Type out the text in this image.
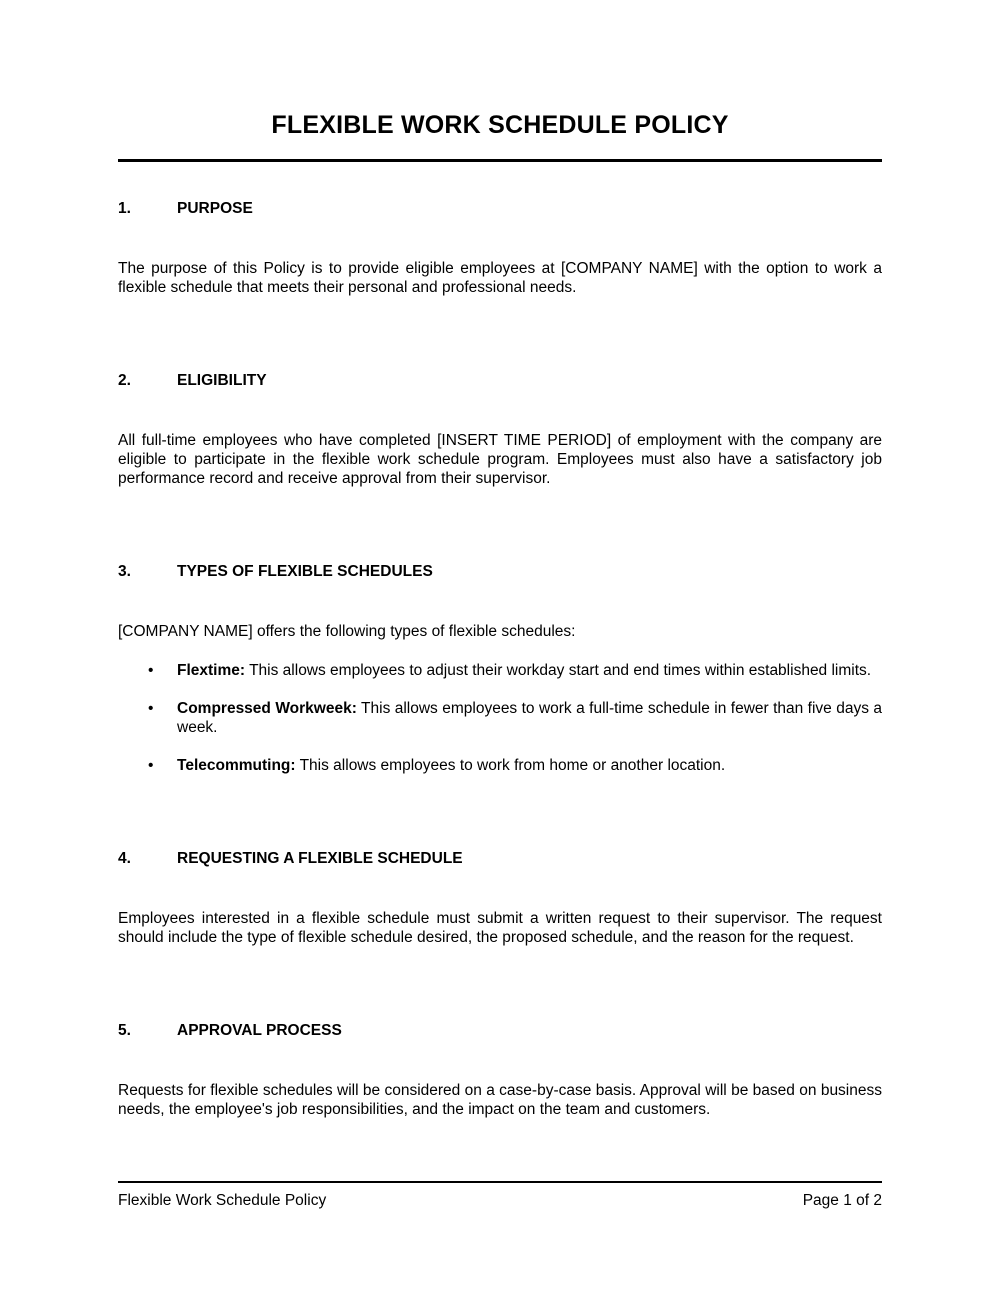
FLEXIBLE WORK SCHEDULE POLICY
1.	PURPOSE

The purpose of this Policy is to provide eligible employees at [COMPANY NAME] with the option to work a flexible schedule that meets their personal and professional needs.

2.	ELIGIBILITY

All full-time employees who have completed [INSERT TIME PERIOD] of employment with the company are eligible to participate in the flexible work schedule program. Employees must also have a satisfactory job performance record and receive approval from their supervisor.

3.	TYPES OF FLEXIBLE SCHEDULES

[COMPANY NAME] offers the following types of flexible schedules:

• Flextime: This allows employees to adjust their workday start and end times within established limits.
• Compressed Workweek: This allows employees to work a full-time schedule in fewer than five days a week.
• Telecommuting: This allows employees to work from home or another location.
4.	REQUESTING A FLEXIBLE SCHEDULE

Employees interested in a flexible schedule must submit a written request to their supervisor. The request should include the type of flexible schedule desired, the proposed schedule, and the reason for the request.

5.	APPROVAL PROCESS

Requests for flexible schedules will be considered on a case-by-case basis. Approval will be based on business needs, the employee's job responsibilities, and the impact on the team and customers.

Flexible Work Schedule Policy	Page 1 of 2
